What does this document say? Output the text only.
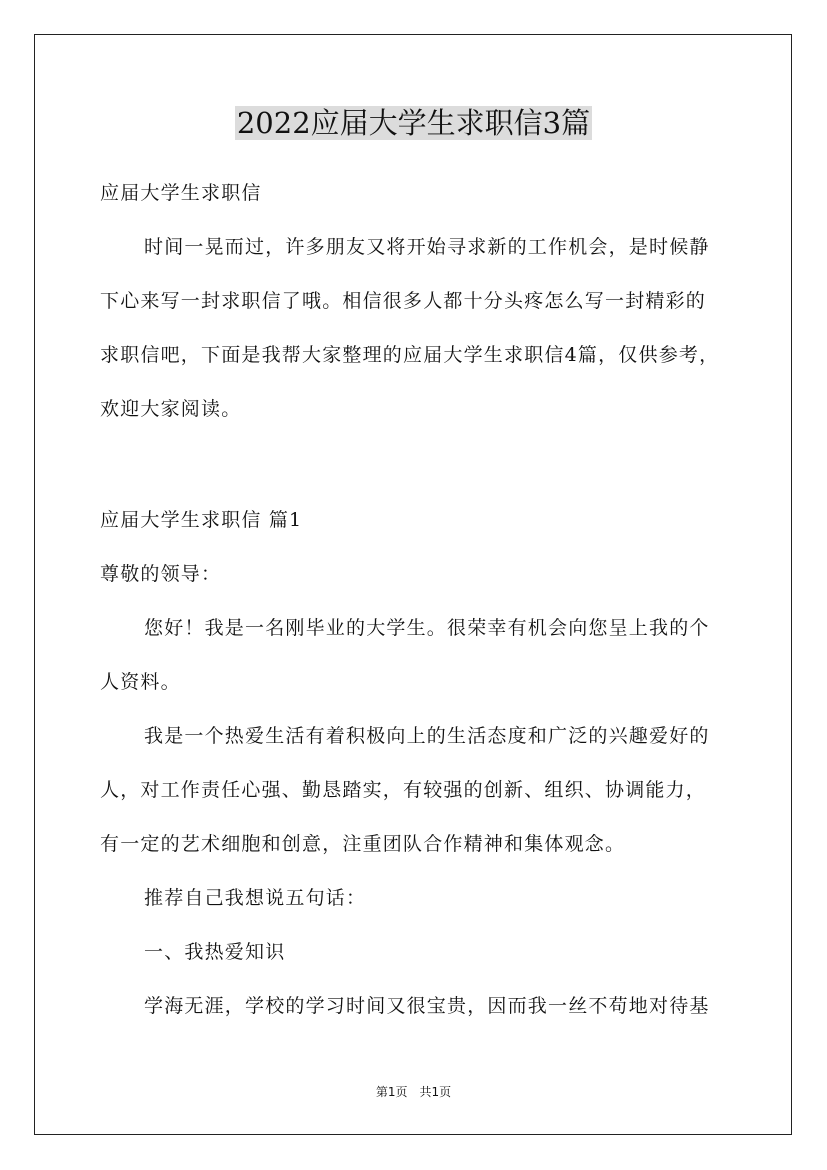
2022应届大学生求职信3篇
应届大学生求职信
时间一晃而过，许多朋友又将开始寻求新的工作机会，是时候静
下心来写一封求职信了哦。相信很多人都十分头疼怎么写一封精彩的
求职信吧，下面是我帮大家整理的应届大学生求职信4篇，仅供参考，
欢迎大家阅读。
应届大学生求职信 篇1
尊敬的领导：
您好！我是一名刚毕业的大学生。很荣幸有机会向您呈上我的个
人资料。
我是一个热爱生活有着积极向上的生活态度和广泛的兴趣爱好的
人，对工作责任心强、勤恳踏实，有较强的创新、组织、协调能力，
有一定的艺术细胞和创意，注重团队合作精神和集体观念。
推荐自己我想说五句话：
一、我热爱知识
学海无涯，学校的学习时间又很宝贵，因而我一丝不苟地对待基
第1页　共1页
